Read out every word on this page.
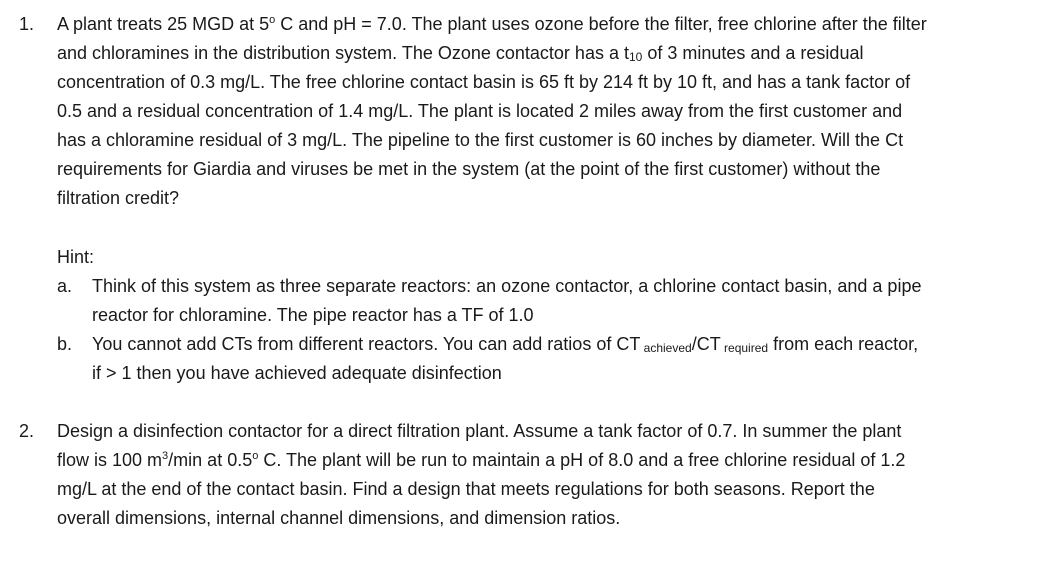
1. A plant treats 25 MGD at 5$^o$ C and pH = 7.0. The plant uses ozone before the filter, free chlorine after the filter
and chloramines in the distribution system. The Ozone contactor has a $t_{10}$ of 3 minutes and a residual
concentration of 0.3 mg/L. The free chlorine contact basin is 65 ft by 214 ft by 10 ft, and has a tank factor of
0.5 and a residual concentration of 1.4 mg/L. The plant is located 2 miles away from the first customer and
has a chloramine residual of 3 mg/L. The pipeline to the first customer is 60 inches by diameter. Will the Ct
requirements for Giardia and viruses be met in the system (at the point of the first customer) without the
filtration credit?
Hint:
a. Think of this system as three separate reactors: an ozone contactor, a chlorine contact basin, and a pipe
reactor for chloramine. The pipe reactor has a TF of 1.0
b. You cannot add CTs from different reactors. You can add ratios of CT $_{achieved}$/CT $_{required}$ from each reactor,
if > 1 then you have achieved adequate disinfection
2. Design a disinfection contactor for a direct filtration plant. Assume a tank factor of 0.7. In summer the plant
flow is 100 $m^3/\min$ at 0.5$^o$ C. The plant will be run to maintain a pH of 8.0 and a free chlorine residual of 1.2
mg/L at the end of the contact basin. Find a design that meets regulations for both seasons. Report the
overall dimensions, internal channel dimensions, and dimension ratios.
